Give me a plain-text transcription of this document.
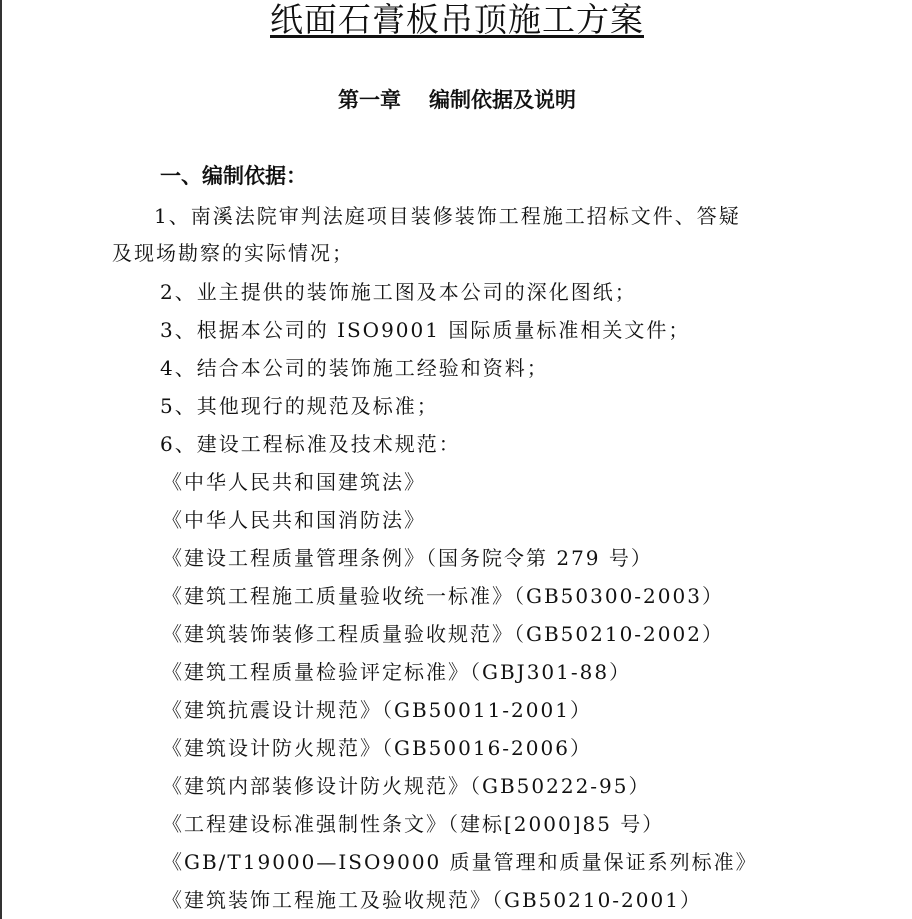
纸面石膏板吊顶施工方案
第一章 编制依据及说明
一、编制依据：

1、南溪法院审判法庭项目装修装饰工程施工招标文件、答疑

及现场勘察的实际情况；

2、业主提供的装饰施工图及本公司的深化图纸；

3、根据本公司的 ISO9001 国际质量标准相关文件；

4、结合本公司的装饰施工经验和资料；

5、其他现行的规范及标准；

6、建设工程标准及技术规范：

《中华人民共和国建筑法》

《中华人民共和国消防法》

《建设工程质量管理条例》（国务院令第 279 号）

《建筑工程施工质量验收统一标准》（GB50300-2003）

《建筑装饰装修工程质量验收规范》（GB50210-2002）

《建筑工程质量检验评定标准》（GBJ301-88）

《建筑抗震设计规范》（GB50011-2001）

《建筑设计防火规范》（GB50016-2006）

《建筑内部装修设计防火规范》（GB50222-95）

《工程建设标准强制性条文》（建标[2000]85 号）

《GB/T19000—ISO9000 质量管理和质量保证系列标准》

《建筑装饰工程施工及验收规范》（GB50210-2001）
